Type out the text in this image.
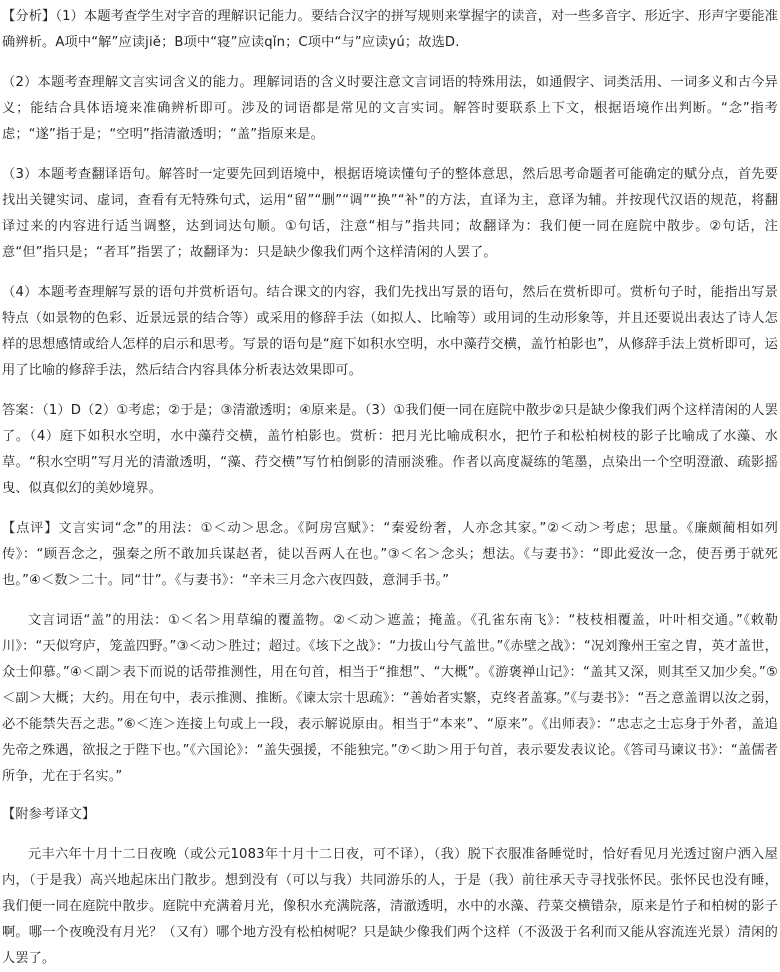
【分析】（1）本题考查学生对字音的理解识记能力。要结合汉字的拼写规则来掌握字的读音，对一些多音字、形近字、形声字要能准确辨析。A项中“解”应读jiě；B项中“寝”应读qǐn；C项中“与”应读yú；故选D.

（2）本题考查理解文言实词含义的能力。理解词语的含义时要注意文言词语的特殊用法，如通假字、词类活用、一词多义和古今异义；能结合具体语境来准确辨析即可。涉及的词语都是常见的文言实词。解答时要联系上下文，根据语境作出判断。“念”指考虑；“遂”指于是；“空明”指清澈透明；“盖”指原来是。

（3）本题考查翻译语句。解答时一定要先回到语境中，根据语境读懂句子的整体意思，然后思考命题者可能确定的赋分点，首先要找出关键实词、虚词，查看有无特殊句式，运用“留”“删”“调”“换”“补”的方法，直译为主，意译为辅。并按现代汉语的规范，将翻译过来的内容进行适当调整，达到词达句顺。①句话，注意“相与”指共同；故翻译为：我们便一同在庭院中散步。②句话，注意“但”指只是；“者耳”指罢了；故翻译为：只是缺少像我们两个这样清闲的人罢了。

（4）本题考查理解写景的语句并赏析语句。结合课文的内容，我们先找出写景的语句，然后在赏析即可。赏析句子时，能指出写景特点（如景物的色彩、近景远景的结合等）或采用的修辞手法（如拟人、比喻等）或用词的生动形象等，并且还要说出表达了诗人怎样的思想感情或给人怎样的启示和思考。写景的语句是“庭下如积水空明，水中藻荇交横，盖竹柏影也”，从修辞手法上赏析即可，运用了比喻的修辞手法，然后结合内容具体分析表达效果即可。

答案：（1）D（2）①考虑；②于是；③清澈透明；④原来是。（3）①我们便一同在庭院中散步②只是缺少像我们两个这样清闲的人罢了。（4）庭下如积水空明，水中藻荇交横，盖竹柏影也。赏析：把月光比喻成积水，把竹子和松柏树枝的影子比喻成了水藻、水草。“积水空明”写月光的清澈透明，“藻、荇交横”写竹柏倒影的清丽淡雅。作者以高度凝练的笔墨，点染出一个空明澄澈、疏影摇曳、似真似幻的美妙境界。

【点评】文言实词“念”的用法：①＜动＞思念。《阿房宫赋》：“秦爱纷奢，人亦念其家。”②＜动＞考虑；思量。《廉颇蔺相如列传》：“顾吾念之，强秦之所不敢加兵谋赵者，徒以吾两人在也。”③＜名＞念头；想法。《与妻书》：“即此爱汝一念，使吾勇于就死也。”④＜数＞二十。同“廿”。《与妻书》：“辛未三月念六夜四鼓，意洞手书。”

文言词语“盖”的用法：①＜名＞用草编的覆盖物。②＜动＞遮盖；掩盖。《孔雀东南飞》：“枝枝相覆盖，叶叶相交通。”《敕勒川》：“天似穹庐，笼盖四野。”③＜动＞胜过；超过。《垓下之战》：“力拔山兮气盖世。”《赤壁之战》：“况刘豫州王室之胄，英才盖世，众士仰慕。”④＜副＞表下而说的话带推测性，用在句首，相当于“推想”、“大概”。《游褒禅山记》：“盖其又深，则其至又加少矣。”⑤＜副＞大概；大约。用在句中，表示推测、推断。《谏太宗十思疏》：“善始者实繁，克终者盖寡。”《与妻书》：“吾之意盖谓以汝之弱，必不能禁失吾之悲。”⑥＜连＞连接上句或上一段，表示解说原由。相当于“本来”、“原来”。《出师表》：“忠志之士忘身于外者，盖追先帝之殊遇，欲报之于陛下也。”《六国论》：“盖失强援，不能独完。”⑦＜助＞用于句首，表示要发表议论。《答司马谏议书》：“盖儒者所争，尤在于名实。”

【附参考译文】

元丰六年十月十二日夜晚（或公元1083年十月十二日夜，可不译），（我）脱下衣服准备睡觉时，恰好看见月光透过窗户洒入屋内，（于是我）高兴地起床出门散步。想到没有（可以与我）共同游乐的人，于是（我）前往承天寺寻找张怀民。张怀民也没有睡，我们便一同在庭院中散步。庭院中充满着月光，像积水充满院落，清澈透明，水中的水藻、荇菜交横错杂，原来是竹子和柏树的影子啊。哪一个夜晚没有月光？（又有）哪个地方没有松柏树呢？只是缺少像我们两个这样（不汲汲于名利而又能从容流连光景）清闲的人罢了。
